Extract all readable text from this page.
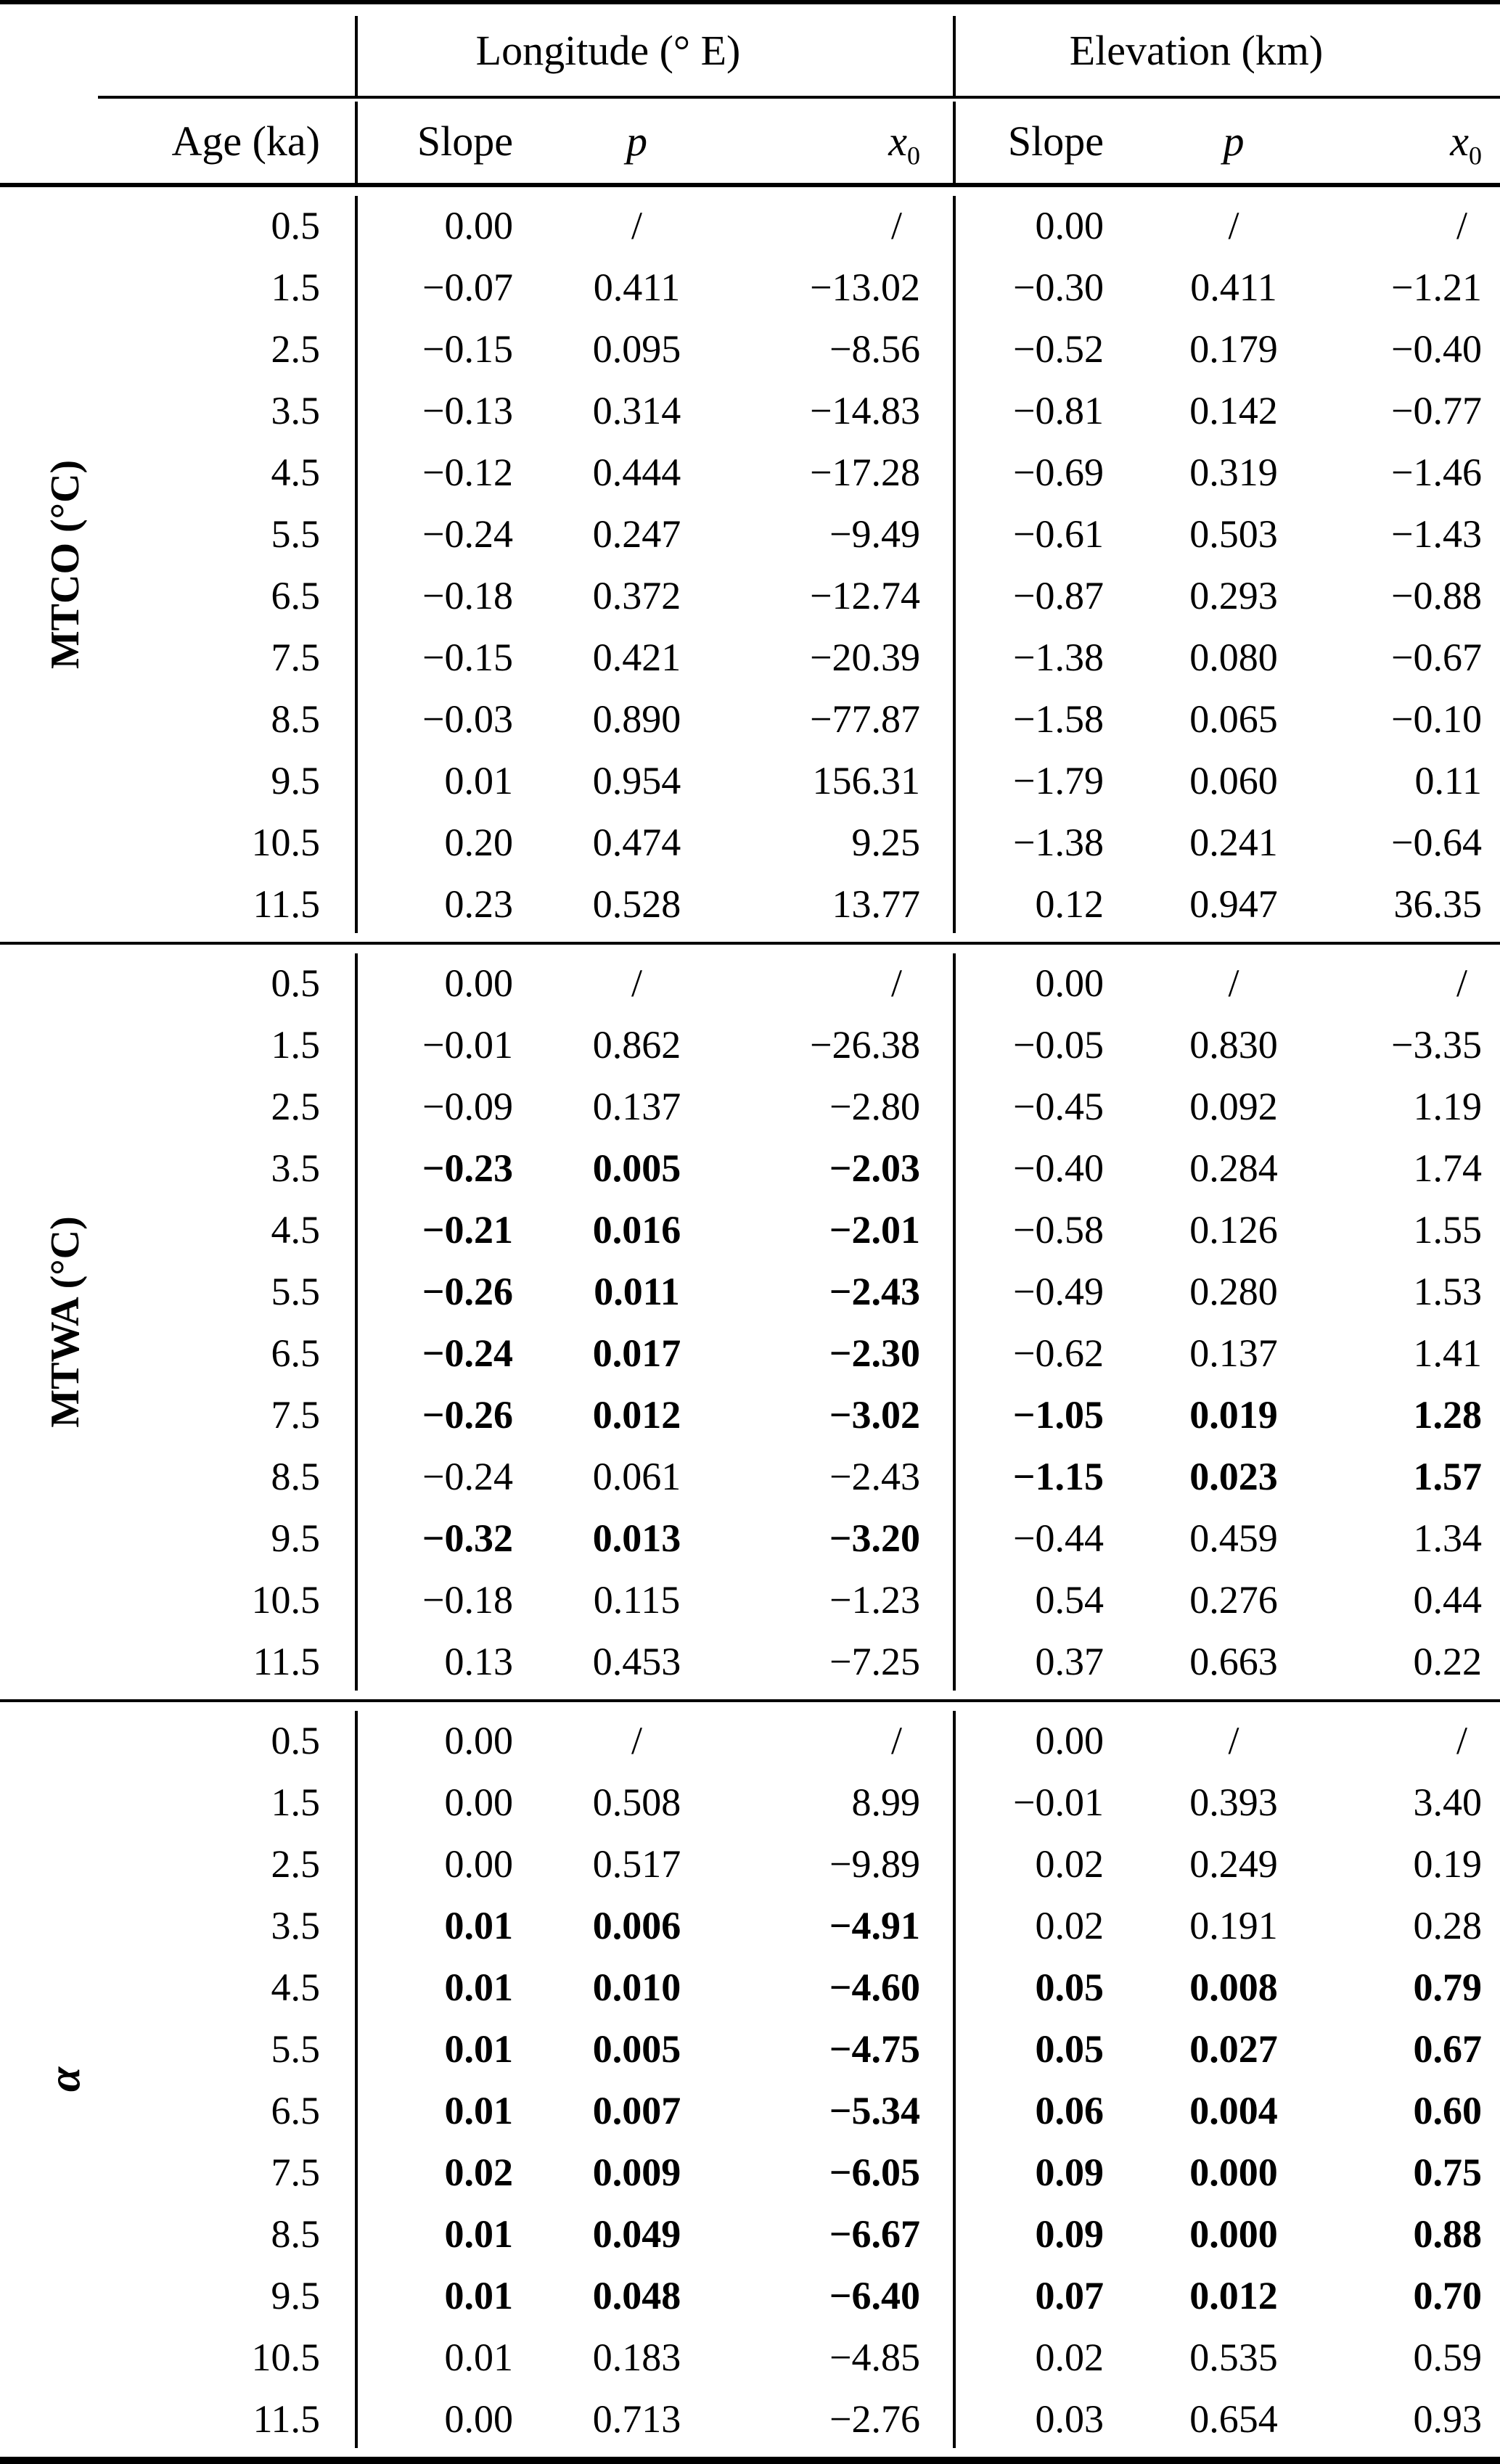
Longitude (° E)	Elevation (km)
Age (ka)	Slope	p	$x_0$	Slope	p	$x_0$
MTCO (°C)
0.5	0.00	/	/	0.00	/	/
1.5	−0.07	0.411	−13.02	−0.30	0.411	−1.21
2.5	−0.15	0.095	−8.56	−0.52	0.179	−0.40
3.5	−0.13	0.314	−14.83	−0.81	0.142	−0.77
4.5	−0.12	0.444	−17.28	−0.69	0.319	−1.46
5.5	−0.24	0.247	−9.49	−0.61	0.503	−1.43
6.5	−0.18	0.372	−12.74	−0.87	0.293	−0.88
7.5	−0.15	0.421	−20.39	−1.38	0.080	−0.67
8.5	−0.03	0.890	−77.87	−1.58	0.065	−0.10
9.5	0.01	0.954	156.31	−1.79	0.060	0.11
10.5	0.20	0.474	9.25	−1.38	0.241	−0.64
11.5	0.23	0.528	13.77	0.12	0.947	36.35
MTWA (°C)
0.5	0.00	/	/	0.00	/	/
1.5	−0.01	0.862	−26.38	−0.05	0.830	−3.35
2.5	−0.09	0.137	−2.80	−0.45	0.092	1.19
3.5	−0.23	0.005	−2.03	−0.40	0.284	1.74
4.5	−0.21	0.016	−2.01	−0.58	0.126	1.55
5.5	−0.26	0.011	−2.43	−0.49	0.280	1.53
6.5	−0.24	0.017	−2.30	−0.62	0.137	1.41
7.5	−0.26	0.012	−3.02	−1.05	0.019	1.28
8.5	−0.24	0.061	−2.43	−1.15	0.023	1.57
9.5	−0.32	0.013	−3.20	−0.44	0.459	1.34
10.5	−0.18	0.115	−1.23	0.54	0.276	0.44
11.5	0.13	0.453	−7.25	0.37	0.663	0.22
α
0.5	0.00	/	/	0.00	/	/
1.5	0.00	0.508	8.99	−0.01	0.393	3.40
2.5	0.00	0.517	−9.89	0.02	0.249	0.19
3.5	0.01	0.006	−4.91	0.02	0.191	0.28
4.5	0.01	0.010	−4.60	0.05	0.008	0.79
5.5	0.01	0.005	−4.75	0.05	0.027	0.67
6.5	0.01	0.007	−5.34	0.06	0.004	0.60
7.5	0.02	0.009	−6.05	0.09	0.000	0.75
8.5	0.01	0.049	−6.67	0.09	0.000	0.88
9.5	0.01	0.048	−6.40	0.07	0.012	0.70
10.5	0.01	0.183	−4.85	0.02	0.535	0.59
11.5	0.00	0.713	−2.76	0.03	0.654	0.93
